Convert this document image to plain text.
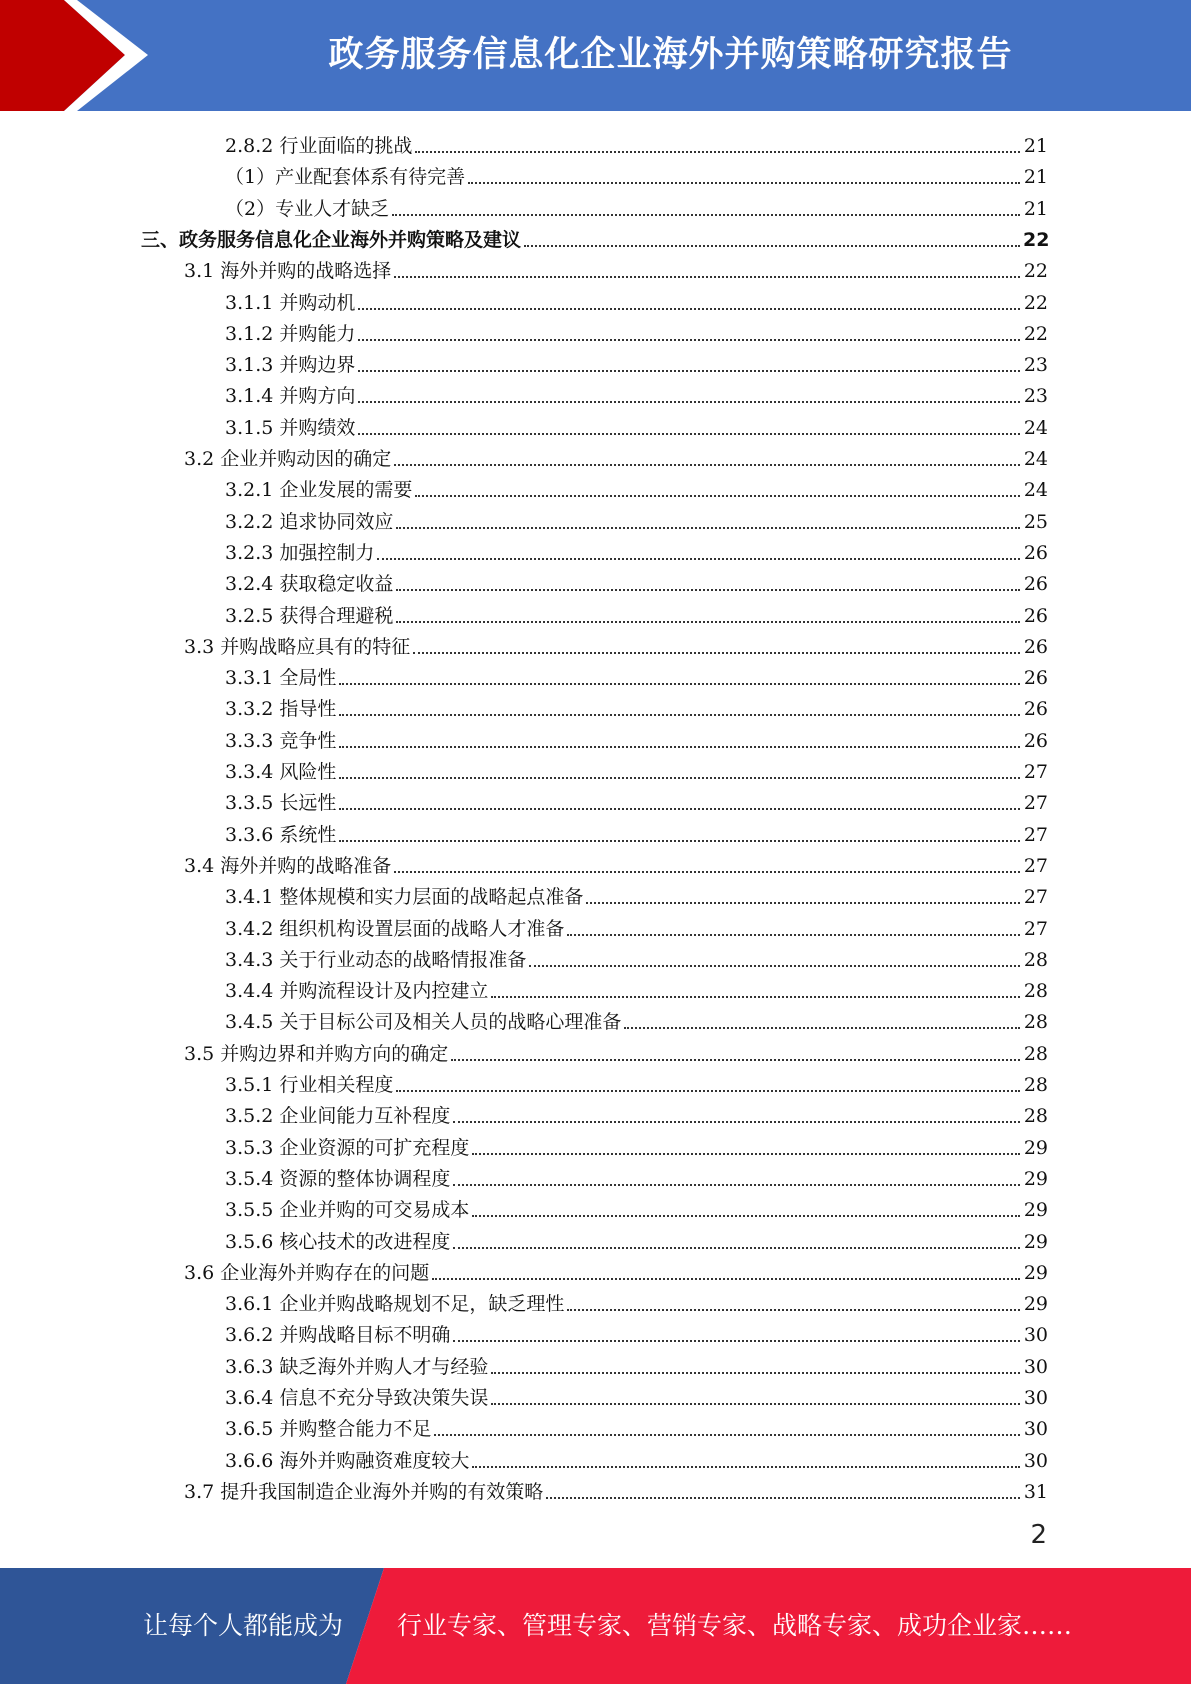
政务服务信息化企业海外并购策略研究报告
2.8.2 行业面临的挑战	21
（1） 产业配套体系有待完善	21
（2） 专业人才缺乏	21
三、政务服务信息化企业海外并购策略及建议	22
3.1 海外并购的战略选择	22
3.1.1 并购动机	22
3.1.2 并购能力	22
3.1.3 并购边界	23
3.1.4 并购方向	23
3.1.5 并购绩效	24
3.2 企业并购动因的确定	24
3.2.1 企业发展的需要	24
3.2.2 追求协同效应	25
3.2.3 加强控制力	26
3.2.4 获取稳定收益	26
3.2.5 获得合理避税	26
3.3 并购战略应具有的特征	26
3.3.1 全局性	26
3.3.2 指导性	26
3.3.3 竞争性	26
3.3.4 风险性	27
3.3.5 长远性	27
3.3.6 系统性	27
3.4 海外并购的战略准备	27
3.4.1 整体规模和实力层面的战略起点准备	27
3.4.2 组织机构设置层面的战略人才准备	27
3.4.3 关于行业动态的战略情报准备	28
3.4.4 并购流程设计及内控建立	28
3.4.5 关于目标公司及相关人员的战略心理准备	28
3.5 并购边界和并购方向的确定	28
3.5.1 行业相关程度	28
3.5.2 企业间能力互补程度	28
3.5.3 企业资源的可扩充程度	29
3.5.4 资源的整体协调程度	29
3.5.5 企业并购的可交易成本	29
3.5.6 核心技术的改进程度	29
3.6 企业海外并购存在的问题	29
3.6.1 企业并购战略规划不足，缺乏理性	29
3.6.2 并购战略目标不明确	30
3.6.3 缺乏海外并购人才与经验	30
3.6.4 信息不充分导致决策失误	30
3.6.5 并购整合能力不足	30
3.6.6 海外并购融资难度较大	30
3.7 提升我国制造企业海外并购的有效策略	31
2
让每个人都能成为 行业专家、管理专家、营销专家、战略专家、成功企业家……
